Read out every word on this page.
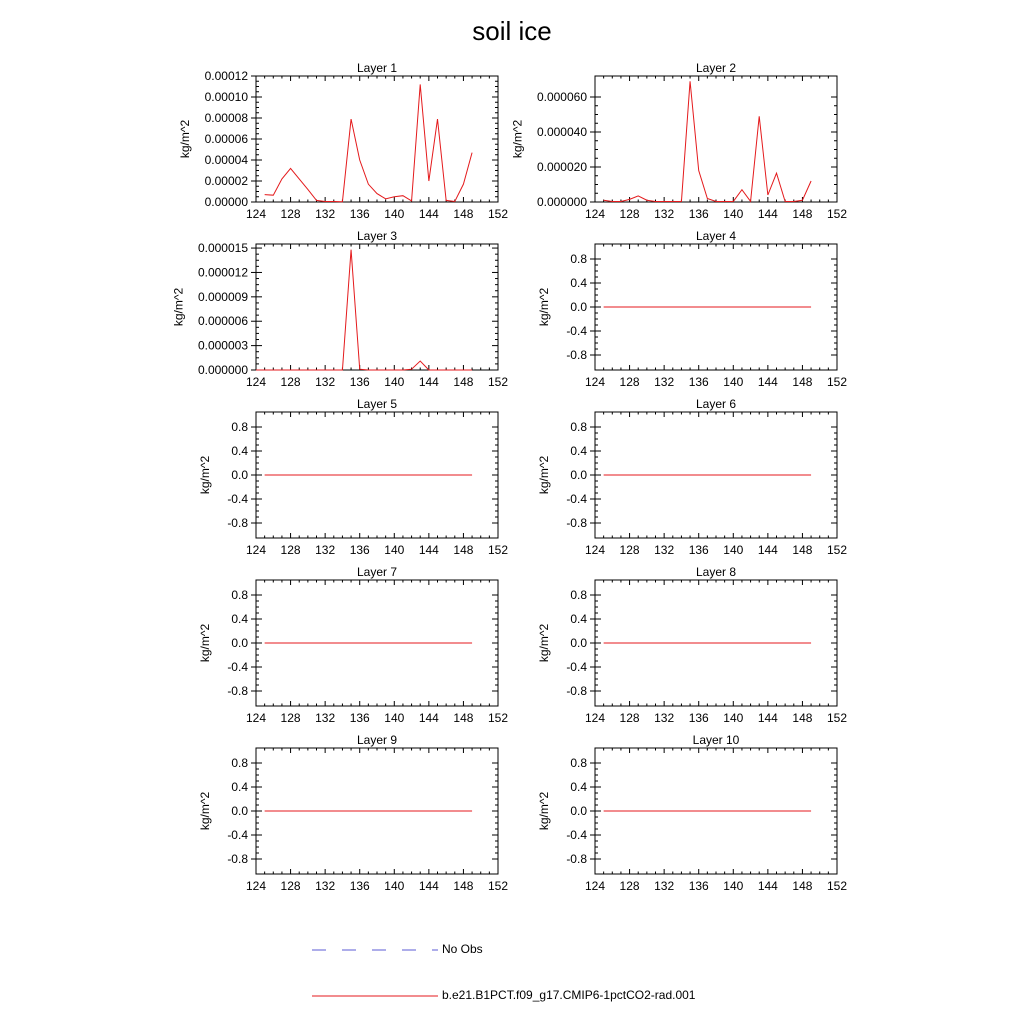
soil ice
Layer 1
124 128 132 136 140 144 148 152
0.00000
0.00002
0.00004
0.00006
0.00008
0.00010
0.00012
kg/m^2
Layer 2
124 128 132 136 140 144 148 152
0.000000
0.000020
0.000040
0.000060
kg/m^2
Layer 3
124 128 132 136 140 144 148 152
0.000000
0.000003
0.000006
0.000009
0.000012
0.000015
kg/m^2
Layer 4
124 128 132 136 140 144 148 152
-0.8
-0.4
0.0
0.4
0.8
kg/m^2
Layer 5
124 128 132 136 140 144 148 152
-0.8
-0.4
0.0
0.4
0.8
kg/m^2
Layer 6
124 128 132 136 140 144 148 152
-0.8
-0.4
0.0
0.4
0.8
kg/m^2
Layer 7
124 128 132 136 140 144 148 152
-0.8
-0.4
0.0
0.4
0.8
kg/m^2
Layer 8
124 128 132 136 140 144 148 152
-0.8
-0.4
0.0
0.4
0.8
kg/m^2
Layer 9
124 128 132 136 140 144 148 152
-0.8
-0.4
0.0
0.4
0.8
kg/m^2
Layer 10
124 128 132 136 140 144 148 152
-0.8
-0.4
0.0
0.4
0.8
kg/m^2
No Obs
b.e21.B1PCT.f09_g17.CMIP6-1pctCO2-rad.001
